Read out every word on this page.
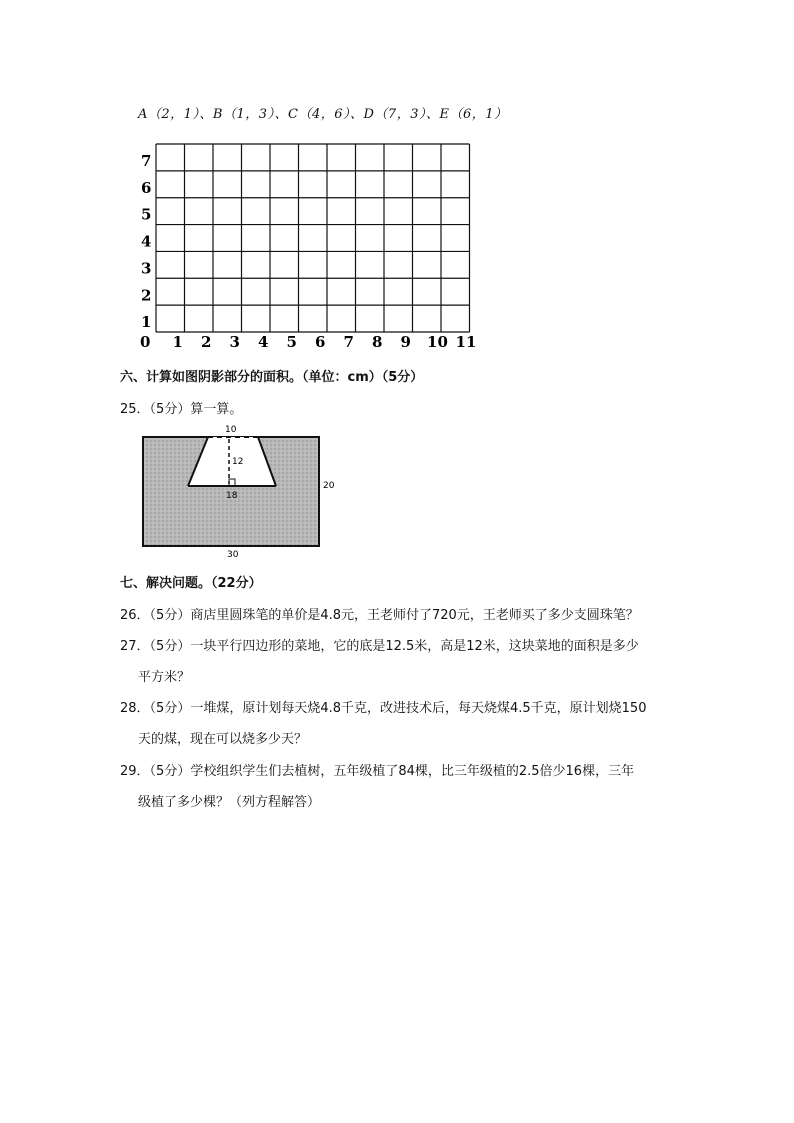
A（2，1）、B（1，3）、C（4，6）、D（7，3）、E（6，1）
0 1 2 3 4 5 6 7 8 9 10 11
1
2
3
4
5
6
7
六、计算如图阴影部分的面积。（单位：cm）（5分）
25．（5分）算一算。
10
12
18
20
30
七、解决问题。（22分）
26．（5分）商店里圆珠笔的单价是4.8元，王老师付了720元，王老师买了多少支圆珠笔？
27．（5分）一块平行四边形的菜地，它的底是12.5米，高是12米，这块菜地的面积是多少
平方米？
28．（5分）一堆煤，原计划每天烧4.8千克，改进技术后，每天烧煤4.5千克，原计划烧150
天的煤，现在可以烧多少天？
29．（5分）学校组织学生们去植树，五年级植了84棵，比三年级植的2.5倍少16棵，三年
级植了多少棵？（列方程解答）
